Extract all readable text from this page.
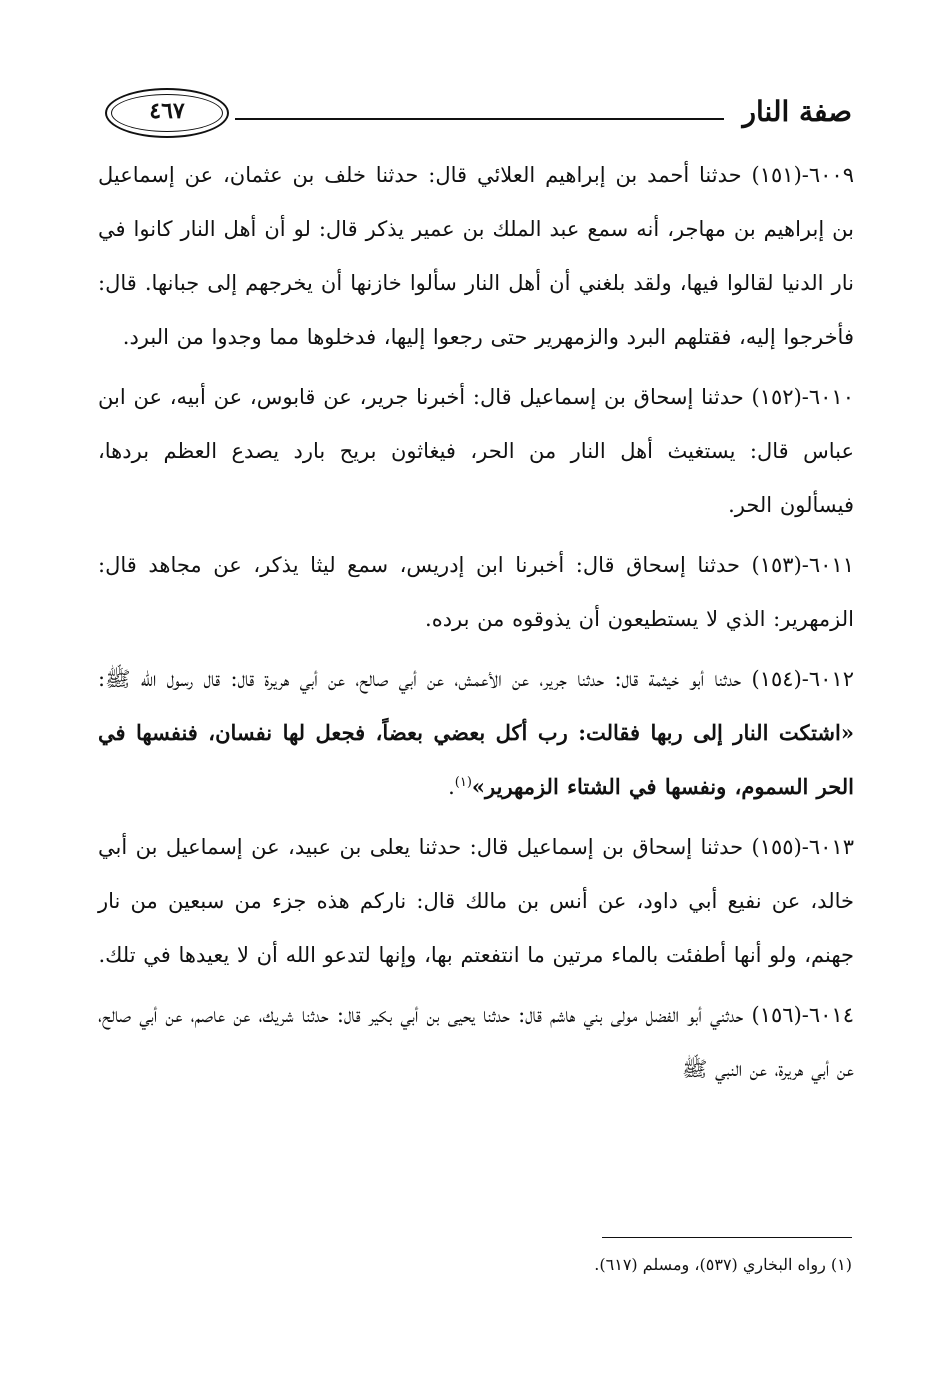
صفة النار
٤٦٧

٦٠٠٩-(١٥١) حدثنا أحمد بن إبراهيم العلائي قال: حدثنا خلف بن عثمان، عن إسماعيل بن إبراهيم بن مهاجر، أنه سمع عبد الملك بن عمير يذكر قال: لو أن أهل النار كانوا في نار الدنيا لقالوا فيها، ولقد بلغني أن أهل النار سألوا خازنها أن يخرجهم إلى جبانها. قال: فأخرجوا إليه، فقتلهم البرد والزمهرير حتى رجعوا إليها، فدخلوها مما وجدوا من البرد.

٦٠١٠-(١٥٢) حدثنا إسحاق بن إسماعيل قال: أخبرنا جرير، عن قابوس، عن أبيه، عن ابن عباس قال: يستغيث أهل النار من الحر، فيغاثون بريح بارد يصدع العظم بردها، فيسألون الحر.

٦٠١١-(١٥٣) حدثنا إسحاق قال: أخبرنا ابن إدريس، سمع ليثا يذكر، عن مجاهد قال: الزمهرير: الذي لا يستطيعون أن يذوقوه من برده.

٦٠١٢-(١٥٤) حدثنا أبو خيثمة قال: حدثنا جرير، عن الأعمش، عن أبي صالح، عن أبي هريرة قال: قال رسول الله ﷺ: «اشتكت النار إلى ربها فقالت: رب أكل بعضي بعضاً، فجعل لها نفسان، فنفسها في الحر السموم، ونفسها في الشتاء الزمهرير»$^{(١)}$.

٦٠١٣-(١٥٥) حدثنا إسحاق بن إسماعيل قال: حدثنا يعلى بن عبيد، عن إسماعيل بن أبي خالد، عن نفيع أبي داود، عن أنس بن مالك قال: ناركم هذه جزء من سبعين من نار جهنم، ولو أنها أطفئت بالماء مرتين ما انتفعتم بها، وإنها لتدعو الله أن لا يعيدها في تلك.

٦٠١٤-(١٥٦) حدثني أبو الفضل مولى بني هاشم قال: حدثنا يحيى بن أبي بكير قال: حدثنا شريك، عن عاصم، عن أبي صالح، عن أبي هريرة، عن النبي ﷺ

(١) رواه البخاري (٥٣٧)، ومسلم (٦١٧).
